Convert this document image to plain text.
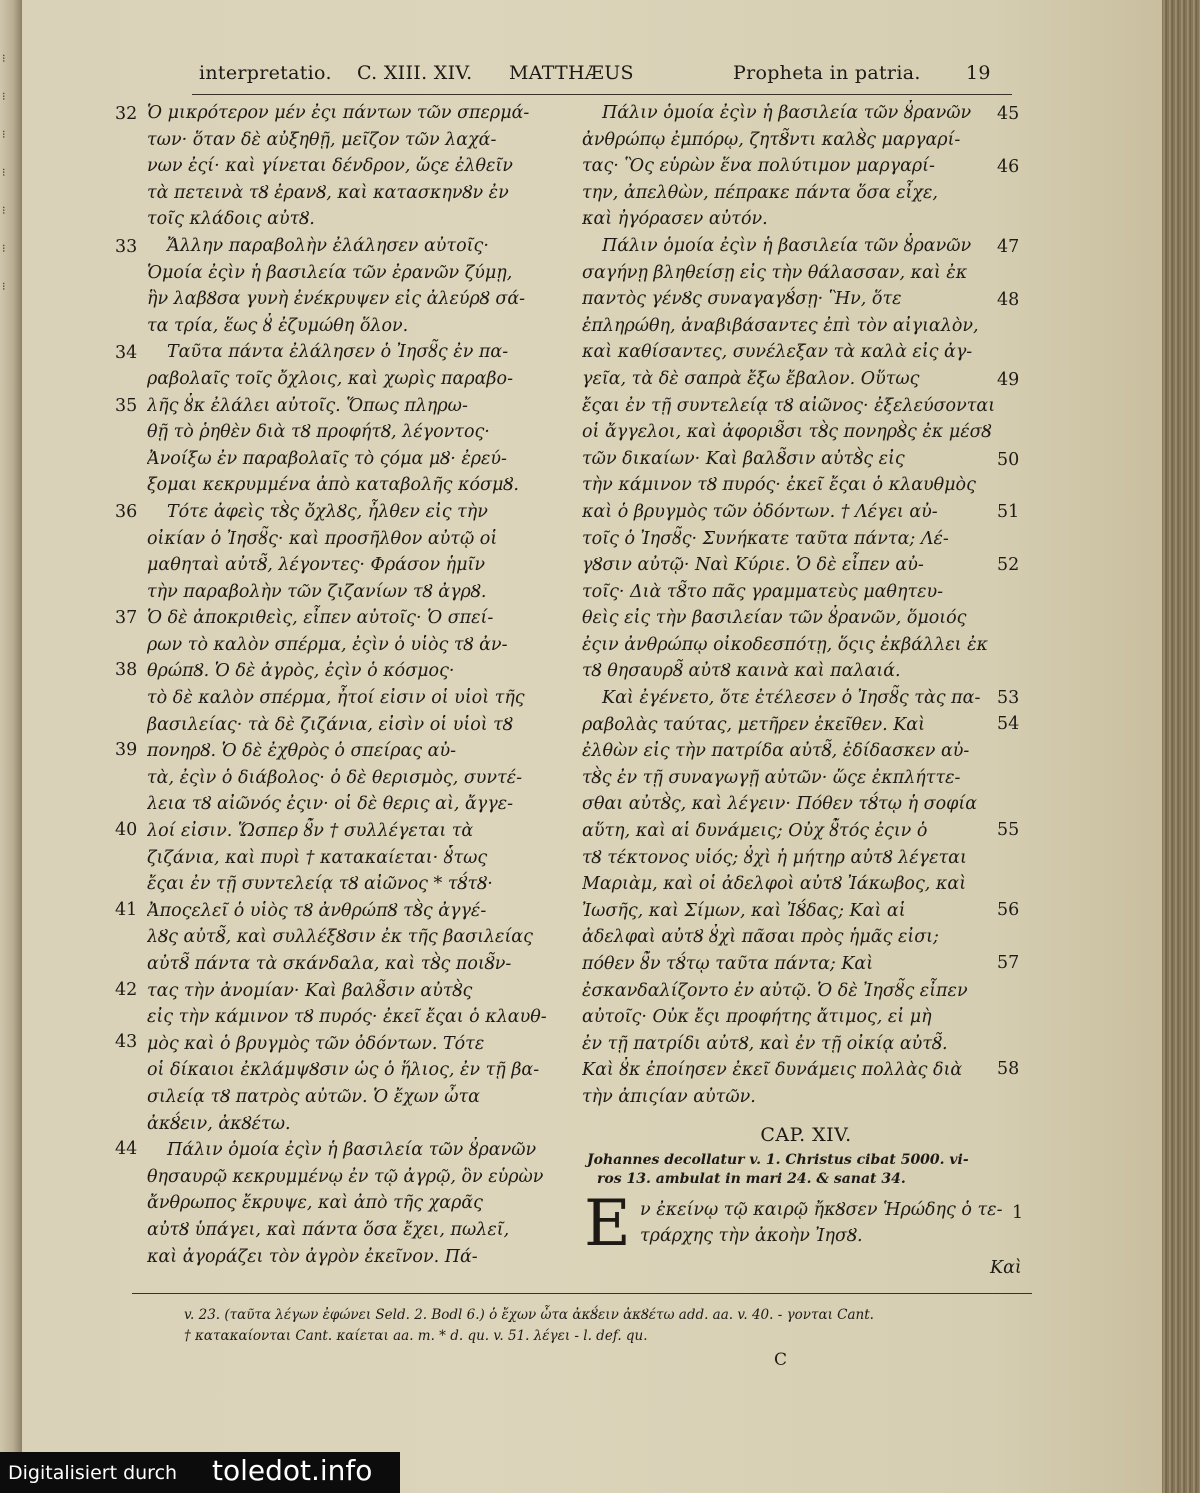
⁝
⁝
⁝
⁝
⁝
⁝
⁝
interpretatio. C. XIII. XIV. MATTHÆUS	Propheta in patria. 19
Ὁ μικρότερον μέν ἐςι πάντων τῶν σπερμά-
των· ὅταν δὲ αὐξηθῇ, μεῖζον τῶν λαχά-
νων ἐςί· καὶ γίνεται δένδρον, ὥςε ἐλθεῖν
τὰ πετεινὰ τȢ ἐρανȢ, καὶ κατασκηνȢν ἐν
τοῖς κλάδοις αὐτȢ.
Ἄλλην παραβολὴν ἐλάλησεν αὐτοῖς·
Ὁμοία ἐςὶν ἡ βασιλεία τῶν ἐρανῶν ζύμῃ,
ἣν λαβȢσα γυνὴ ἐνέκρυψεν εἰς ἀλεύρȢ σά-
τα τρία, ἕως ȣ̓ ἐζυμώθη ὅλον.
Ταῦτα πάντα ἐλάλησεν ὁ Ἰησȣ̃ς ἐν πα-
ραβολαῖς τοῖς ὄχλοις, καὶ χωρὶς παραβο-
λῆς ȣ̓κ ἐλάλει αὐτοῖς. Ὅπως πληρω-
θῇ τὸ ῥηθὲν διὰ τȢ προφήτȢ, λέγοντος·
Ἀνοίξω ἐν παραβολαῖς τὸ ςόμα μȢ· ἐρεύ-
ξομαι κεκρυμμένα ἀπὸ καταβολῆς κόσμȢ.
Τότε ἀφεὶς τȢ̀ς ὄχλȢς, ἦλθεν εἰς τὴν
οἰκίαν ὁ Ἰησȣ̃ς· καὶ προσῆλθον αὐτῷ οἱ
μαθηταὶ αὐτȢ̃, λέγοντες· Φράσον ἡμῖν
τὴν παραβολὴν τῶν ζιζανίων τȢ ἀγρȢ.
Ὁ δὲ ἀποκριθεὶς, εἶπεν αὐτοῖς· Ὁ σπεί-
ρων τὸ καλὸν σπέρμα, ἐςὶν ὁ υἱὸς τȢ ἀν-
θρώπȢ. Ὁ δὲ ἀγρὸς, ἐςὶν ὁ κόσμος·
τὸ δὲ καλὸν σπέρμα, ἦτοί εἰσιν οἱ υἱοὶ τῆς
βασιλείας· τὰ δὲ ζιζάνια, εἰσὶν οἱ υἱοὶ τȢ
πονηρȢ. Ὁ δὲ ἐχθρὸς ὁ σπείρας αὐ-
τὰ, ἐςὶν ὁ διάβολος· ὁ δὲ θερισμὸς, συντέ-
λεια τȢ αἰῶνός ἐςιν· οἱ δὲ θερις αὶ, ἄγγε-
λοί εἰσιν. Ὥσπερ ȣ̓̃ν † συλλέγεται τὰ
ζιζάνια, καὶ πυρὶ † κατακαίεται· ȣ̔́τως
ἔςαι ἐν τῇ συντελείᾳ τȢ αἰῶνος * τȢ́τȢ·
Ἀποςελεῖ ὁ υἱὸς τȢ ἀνθρώπȢ τȢ̀ς ἀγγέ-
λȢς αὐτȢ̃, καὶ συλλέξȢσιν ἐκ τῆς βασιλείας
αὐτȢ̃ πάντα τὰ σκάνδαλα, καὶ τȢ̀ς ποιȢ̃ν-
τας τὴν ἀνομίαν· Καὶ βαλȢ̃σιν αὐτȢ̀ς
εἰς τὴν κάμινον τȢ πυρός· ἐκεῖ ἔςαι ὁ κλαυθ-
μὸς καὶ ὁ βρυγμὸς τῶν ὀδόντων. Τότε
οἱ δίκαιοι ἐκλάμψȢσιν ὡς ὁ ἥλιος, ἐν τῇ βα-
σιλείᾳ τȢ πατρὸς αὐτῶν. Ὁ ἔχων ὦτα
ἀκȢ́ειν, ἀκȢέτω.
Πάλιν ὁμοία ἐςὶν ἡ βασιλεία τῶν ȣ̓ρανῶν
θησαυρῷ κεκρυμμένῳ ἐν τῷ ἀγρῷ, ὃν εὑρὼν
ἄνθρωπος ἔκρυψε, καὶ ἀπὸ τῆς χαρᾶς
αὐτȢ ὑπάγει, καὶ πάντα ὅσα ἔχει, πωλεῖ,
καὶ ἀγοράζει τὸν ἀγρὸν ἐκεῖνον. Πά-
32
33
34
35
36
37
38
39
40
41
42
43
44
Πάλιν ὁμοία ἐςὶν ἡ βασιλεία τῶν ȣ̓ρανῶν
ἀνθρώπῳ ἐμπόρῳ, ζητȢ̃ντι καλȢ̀ς μαργαρί-
τας· Ὃς εὑρὼν ἕνα πολύτιμον μαργαρί-
την, ἀπελθὼν, πέπρακε πάντα ὅσα εἶχε,
καὶ ἠγόρασεν αὐτόν.
Πάλιν ὁμοία ἐςὶν ἡ βασιλεία τῶν ȣ̓ρανῶν
σαγήνῃ βληθείσῃ εἰς τὴν θάλασσαν, καὶ ἐκ
παντὸς γένȢς συναγαγȢ́σῃ· Ἣν, ὅτε
ἐπληρώθη, ἀναβιβάσαντες ἐπὶ τὸν αἰγιαλὸν,
καὶ καθίσαντες, συνέλεξαν τὰ καλὰ εἰς ἀγ-
γεῖα, τὰ δὲ σαπρὰ ἔξω ἔβαλον. Οὕτως
ἔςαι ἐν τῇ συντελείᾳ τȢ αἰῶνος· ἐξελεύσονται
οἱ ἄγγελοι, καὶ ἀφοριȢ̃σι τȢ̀ς πονηρȢ̀ς ἐκ μέσȢ
τῶν δικαίων· Καὶ βαλȢ̃σιν αὐτȢ̀ς εἰς
τὴν κάμινον τȢ πυρός· ἐκεῖ ἔςαι ὁ κλαυθμὸς
καὶ ὁ βρυγμὸς τῶν ὀδόντων. † Λέγει αὐ-
τοῖς ὁ Ἰησȣ̃ς· Συνήκατε ταῦτα πάντα; Λέ-
γȢσιν αὐτῷ· Ναὶ Κύριε. Ὁ δὲ εἶπεν αὐ-
τοῖς· Διὰ τȢ̃το πᾶς γραμματεὺς μαθητευ-
θεὶς εἰς τὴν βασιλείαν τῶν ȣ̓ρανῶν, ὅμοιός
ἐςιν ἀνθρώπῳ οἰκοδεσπότῃ, ὅςις ἐκβάλλει ἐκ
τȢ θησαυρȢ̃ αὐτȢ καινὰ καὶ παλαιά.
Καὶ ἐγένετο, ὅτε ἐτέλεσεν ὁ Ἰησȣ̃ς τὰς πα-
ραβολὰς ταύτας, μετῆρεν ἐκεῖθεν. Καὶ
ἐλθὼν εἰς τὴν πατρίδα αὐτȢ̃, ἐδίδασκεν αὐ-
τȢ̀ς ἐν τῇ συναγωγῇ αὐτῶν· ὥςε ἐκπλήττε-
σθαι αὐτȢ̀ς, καὶ λέγειν· Πόθεν τȢ́τῳ ἡ σοφία
αὕτη, καὶ αἱ δυνάμεις; Οὐχ ȣ̔̃τός ἐςιν ὁ
τȢ τέκτονος υἱός; ȣ̓χὶ ἡ μήτηρ αὐτȢ λέγεται
Μαριὰμ, καὶ οἱ ἀδελφοὶ αὐτȢ Ἰάκωβος, καὶ
Ἰωσῆς, καὶ Σίμων, καὶ ἸȢ́δας; Καὶ αἱ
ἀδελφαὶ αὐτȢ ȣ̓χὶ πᾶσαι πρὸς ἡμᾶς εἰσι;
πόθεν ȣ̓̃ν τȢ́τῳ ταῦτα πάντα; Καὶ
ἐσκανδαλίζοντο ἐν αὐτῷ. Ὁ δὲ Ἰησȣ̃ς εἶπεν
αὐτοῖς· Οὐκ ἔςι προφήτης ἄτιμος, εἰ μὴ
ἐν τῇ πατρίδι αὐτȢ, καὶ ἐν τῇ οἰκίᾳ αὐτȢ̃.
Καὶ ȣ̓κ ἐποίησεν ἐκεῖ δυνάμεις πολλὰς διὰ
τὴν ἀπιςίαν αὐτῶν.
45
46
47
48
49
50
51
52
53
54
55
56
57
58
CAP. XIV.
Johannes decollatur v. 1. Christus cibat 5000. vi-
ros 13. ambulat in mari 24. & sanat 34.
E ν ἐκείνῳ τῷ καιρῷ ἤκȢσεν Ἡρώδης ὁ τε-
τράρχης τὴν ἀκοὴν ἸησȢ.
1
Καὶ
v. 23. (ταῦτα λέγων ἐφώνει Seld. 2. Bodl 6.) ὁ ἔχων ὦτα ἀκȢ́ειν ἀκȢέτω add. aa. v. 40. - γονται Cant.
† κατακαίονται Cant. καίεται aa. m. * d. qu. v. 51. λέγει - l. def. qu.
C
Digitalisiert durch toledot.info
